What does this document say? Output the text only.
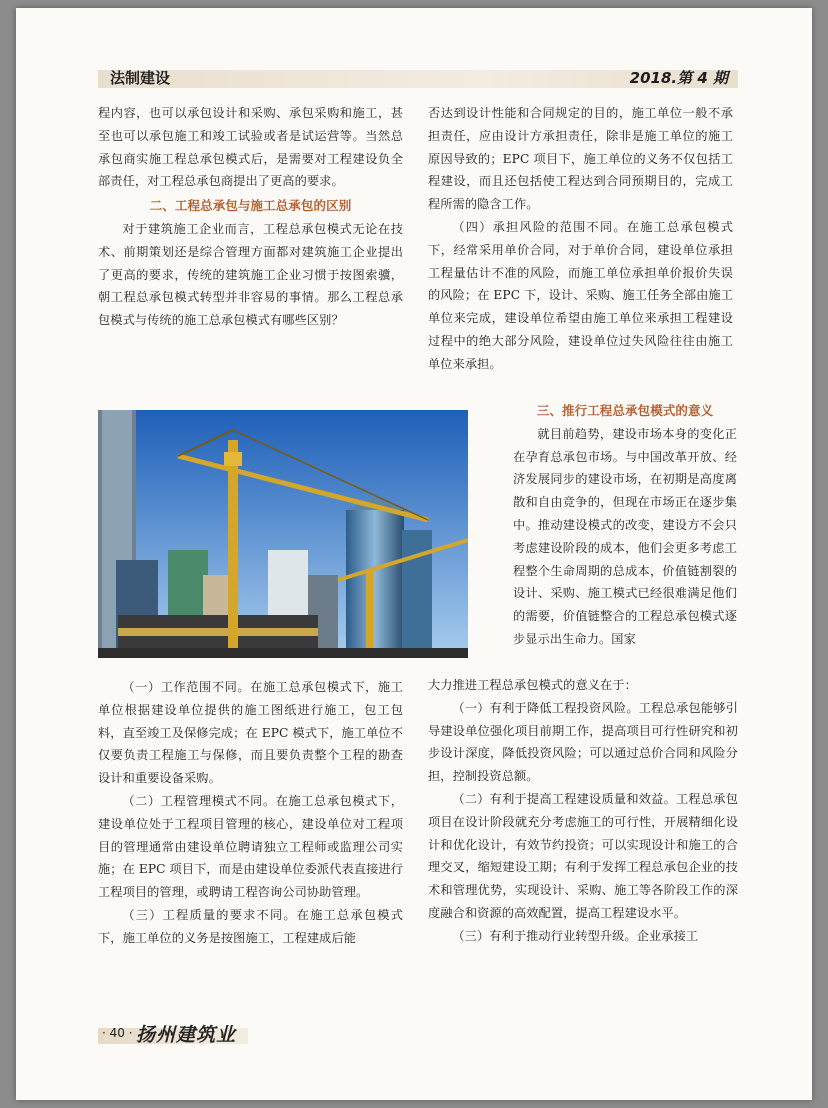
法制建设	2018.第 4 期

程内容，也可以承包设计和采购、承包采购和施工，甚至也可以承包施工和竣工试验或者是试运营等。当然总承包商实施工程总承包模式后，是需要对工程建设负全部责任，对工程总承包商提出了更高的要求。

二、工程总承包与施工总承包的区别

对于建筑施工企业而言，工程总承包模式无论在技术、前期策划还是综合管理方面都对建筑施工企业提出了更高的要求，传统的建筑施工企业习惯于按图索骥，朝工程总承包模式转型并非容易的事情。那么工程总承包模式与传统的施工总承包模式有哪些区别？

（一）工作范围不同。在施工总承包模式下，施工单位根据建设单位提供的施工图纸进行施工，包工包料，直至竣工及保修完成；在 EPC 模式下，施工单位不仅要负责工程施工与保修，而且要负责整个工程的勘查设计和重要设备采购。

（二）工程管理模式不同。在施工总承包模式下，建设单位处于工程项目管理的核心，建设单位对工程项目的管理通常由建设单位聘请独立工程师或监理公司实施；在 EPC 项目下，而是由建设单位委派代表直接进行工程项目的管理，或聘请工程咨询公司协助管理。

（三）工程质量的要求不同。在施工总承包模式下，施工单位的义务是按图施工，工程建成后能

否达到设计性能和合同规定的目的，施工单位一般不承担责任，应由设计方承担责任，除非是施工单位的施工原因导致的；EPC 项目下，施工单位的义务不仅包括工程建设，而且还包括使工程达到合同预期目的，完成工程所需的隐含工作。

（四）承担风险的范围不同。在施工总承包模式下，经常采用单价合同，对于单价合同，建设单位承担工程量估计不准的风险，而施工单位承担单价报价失误的风险；在 EPC 下，设计、采购、施工任务全部由施工单位来完成，建设单位希望由施工单位来承担工程建设过程中的绝大部分风险，建设单位过失风险往往由施工单位来承担。

三、推行工程总承包模式的意义

就目前趋势，建设市场本身的变化正在孕育总承包市场。与中国改革开放、经济发展同步的建设市场，在初期是高度离散和自由竞争的，但现在市场正在逐步集中。推动建设模式的改变，建设方不会只考虑建设阶段的成本，他们会更多考虑工程整个生命周期的总成本，价值链割裂的设计、采购、施工模式已经很难满足他们的需要，价值链整合的工程总承包模式逐步显示出生命力。国家

大力推进工程总承包模式的意义在于：

（一）有利于降低工程投资风险。工程总承包能够引导建设单位强化项目前期工作，提高项目可行性研究和初步设计深度，降低投资风险；可以通过总价合同和风险分担，控制投资总额。

（二）有利于提高工程建设质量和效益。工程总承包项目在设计阶段就充分考虑施工的可行性，开展精细化设计和优化设计，有效节约投资；可以实现设计和施工的合理交叉，缩短建设工期；有利于发挥工程总承包企业的技术和管理优势，实现设计、采购、施工等各阶段工作的深度融合和资源的高效配置，提高工程建设水平。

（三）有利于推动行业转型升级。企业承接工

· 40 · 扬州建筑业
